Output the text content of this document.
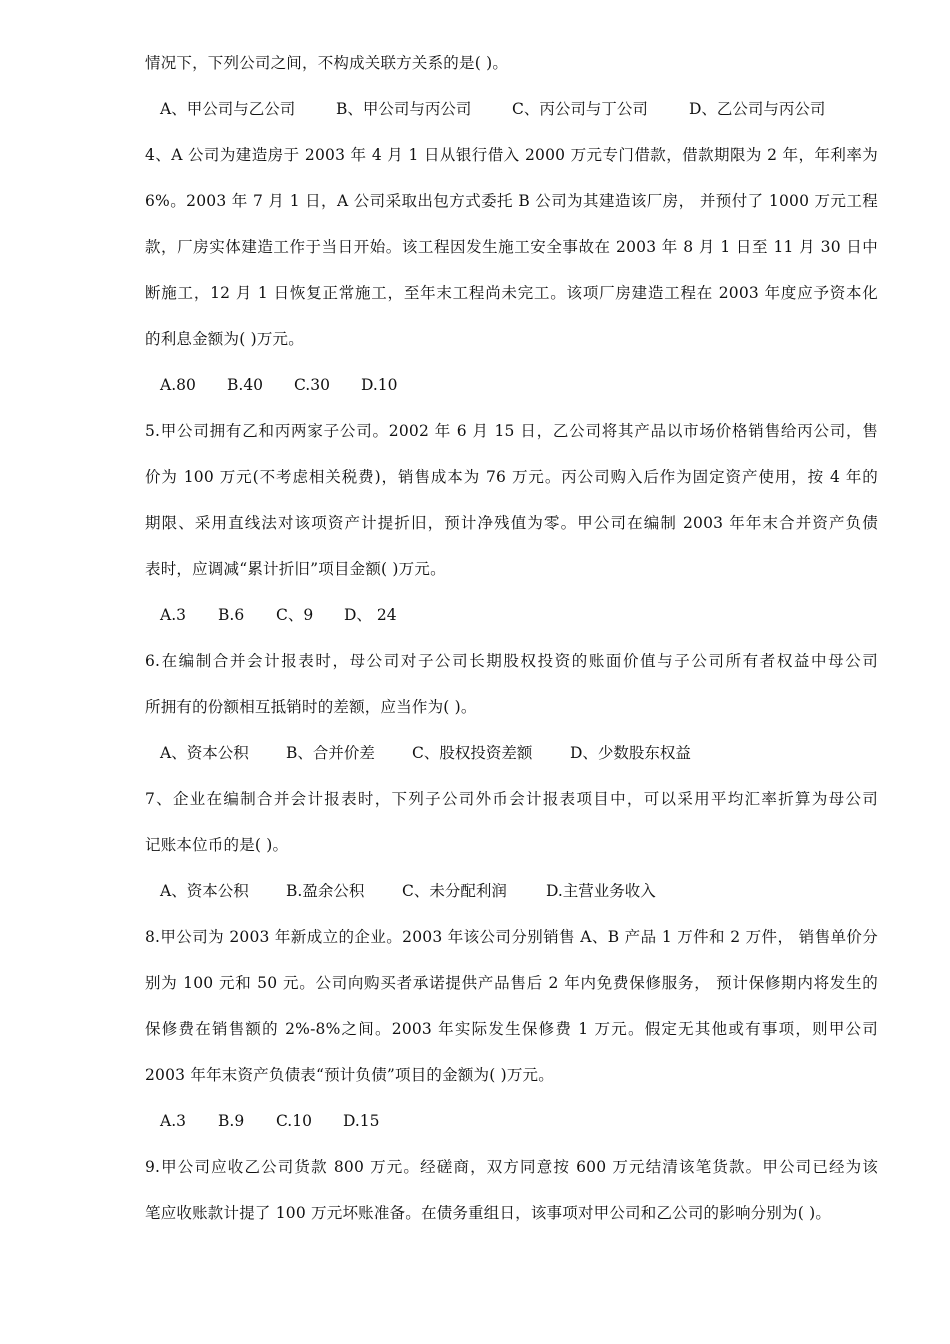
情况下，下列公司之间，不构成关联方关系的是( )。
A、甲公司与乙公司	B、甲公司与丙公司	C、丙公司与丁公司	D、乙公司与丙公司
4、A 公司为建造房于 2003 年 4 月 1 日从银行借入 2000 万元专门借款，借款期限为 2 年，年利率为
6%。2003 年 7 月 1 日，A 公司采取出包方式委托 B 公司为其建造该厂房， 并预付了 1000 万元工程
款，厂房实体建造工作于当日开始。该工程因发生施工安全事故在 2003 年 8 月 1 日至 11 月 30 日中
断施工，12 月 1 日恢复正常施工，至年末工程尚未完工。该项厂房建造工程在 2003 年度应予资本化
的利息金额为( )万元。
A.80 B.40 C.30 D.10
5.甲公司拥有乙和丙两家子公司。2002 年 6 月 15 日，乙公司将其产品以市场价格销售给丙公司，售
价为 100 万元(不考虑相关税费)，销售成本为 76 万元。丙公司购入后作为固定资产使用，按 4 年的
期限、采用直线法对该项资产计提折旧，预计净残值为零。甲公司在编制 2003 年年末合并资产负债
表时，应调减“累计折旧”项目金额( )万元。
A.3 B.6 C、9 D、 24
6.在编制合并会计报表时，母公司对子公司长期股权投资的账面价值与子公司所有者权益中母公司
所拥有的份额相互抵销时的差额，应当作为( )。
A、资本公积 B、合并价差 C、股权投资差额 D、少数股东权益
7、企业在编制合并会计报表时，下列子公司外币会计报表项目中，可以采用平均汇率折算为母公司
记账本位币的是( )。
A、资本公积 B.盈余公积 C、未分配利润	D.主营业务收入
8.甲公司为 2003 年新成立的企业。2003 年该公司分别销售 A、B 产品 1 万件和 2 万件， 销售单价分
别为 100 元和 50 元。公司向购买者承诺提供产品售后 2 年内免费保修服务， 预计保修期内将发生的
保修费在销售额的 2%-8%之间。2003 年实际发生保修费 1 万元。假定无其他或有事项，则甲公司
2003 年年末资产负债表“预计负债”项目的金额为( )万元。
A.3 B.9 C.10 D.15
9.甲公司应收乙公司货款 800 万元。经磋商，双方同意按 600 万元结清该笔货款。甲公司已经为该
笔应收账款计提了 100 万元坏账准备。在债务重组日，该事项对甲公司和乙公司的影响分别为( )。
